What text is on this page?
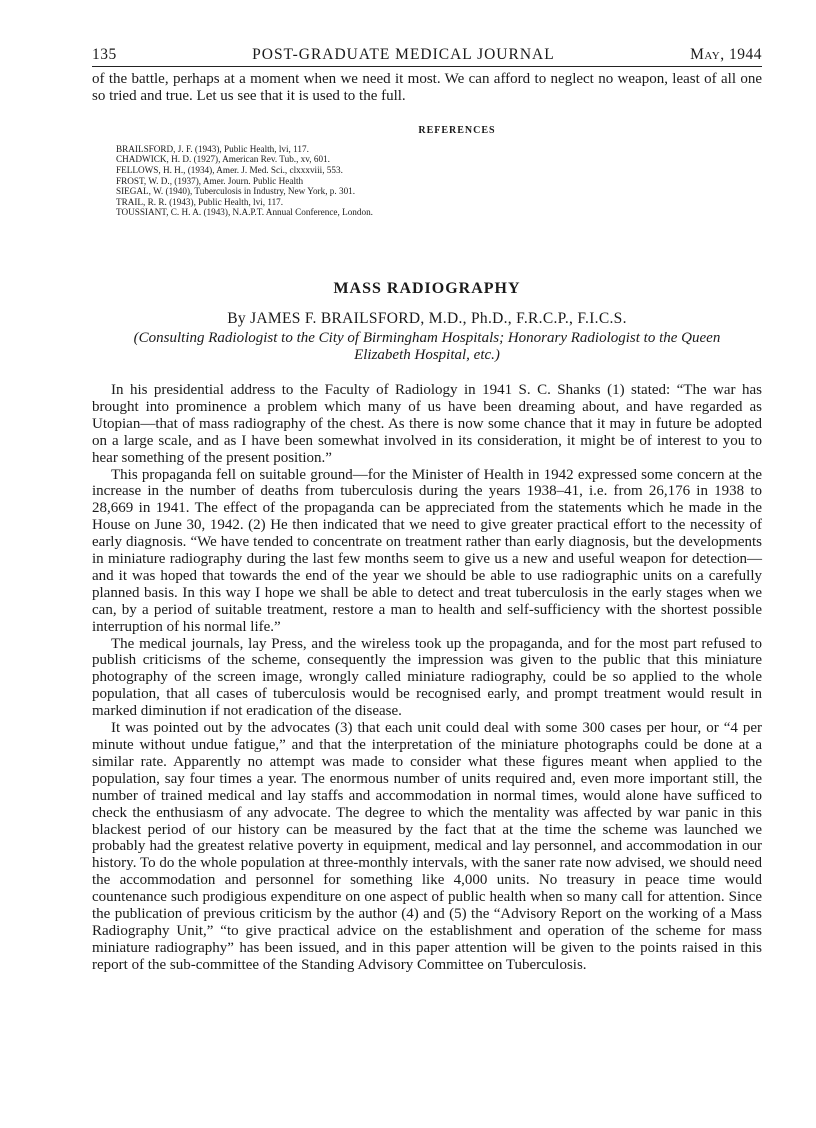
135	POST-GRADUATE MEDICAL JOURNAL	May, 1944

of the battle, perhaps at a moment when we need it most. We can afford to neglect no weapon, least of all one so tried and true. Let us see that it is used to the full.

REFERENCES
BRAILSFORD, J. F. (1943), Public Health, lvi, 117.
CHADWICK, H. D. (1927), American Rev. Tub., xv, 601.
FELLOWS, H. H., (1934), Amer. J. Med. Sci., clxxxviii, 553.
FROST, W. D., (1937), Amer. Journ. Public Health
SIEGAL, W. (1940), Tuberculosis in Industry, New York, p. 301.
TRAIL, R. R. (1943), Public Health, lvi, 117.
TOUSSIANT, C. H. A. (1943), N.A.P.T. Annual Conference, London.
MASS RADIOGRAPHY
By JAMES F. BRAILSFORD, M.D., Ph.D., F.R.C.P., F.I.C.S.
(Consulting Radiologist to the City of Birmingham Hospitals; Honorary Radiologist to the Queen Elizabeth Hospital, etc.)

In his presidential address to the Faculty of Radiology in 1941 S. C. Shanks (1) stated: “The war has brought into prominence a problem which many of us have been dreaming about, and have regarded as Utopian—that of mass radiography of the chest. As there is now some chance that it may in future be adopted on a large scale, and as I have been somewhat involved in its consideration, it might be of interest to you to hear something of the present position.”

This propaganda fell on suitable ground—for the Minister of Health in 1942 expressed some concern at the increase in the number of deaths from tuberculosis during the years 1938–41, i.e. from 26,176 in 1938 to 28,669 in 1941. The effect of the propaganda can be appreciated from the statements which he made in the House on June 30, 1942. (2) He then indicated that we need to give greater practical effort to the necessity of early diagnosis. “We have tended to concentrate on treatment rather than early diagnosis, but the developments in miniature radiography during the last few months seem to give us a new and useful weapon for detection—and it was hoped that towards the end of the year we should be able to use radiographic units on a carefully planned basis. In this way I hope we shall be able to detect and treat tuberculosis in the early stages when we can, by a period of suitable treatment, restore a man to health and self-sufficiency with the shortest possible interruption of his normal life.”

The medical journals, lay Press, and the wireless took up the propaganda, and for the most part refused to publish criticisms of the scheme, consequently the impression was given to the public that this miniature photography of the screen image, wrongly called miniature radiography, could be so applied to the whole population, that all cases of tuberculosis would be recognised early, and prompt treatment would result in marked diminution if not eradication of the disease.

It was pointed out by the advocates (3) that each unit could deal with some 300 cases per hour, or “4 per minute without undue fatigue,” and that the interpretation of the miniature photographs could be done at a similar rate. Apparently no attempt was made to consider what these figures meant when applied to the population, say four times a year. The enormous number of units required and, even more important still, the number of trained medical and lay staffs and accommodation in normal times, would alone have sufficed to check the enthusiasm of any advocate. The degree to which the mentality was affected by war panic in this blackest period of our history can be measured by the fact that at the time the scheme was launched we probably had the greatest relative poverty in equipment, medical and lay personnel, and accommodation in our history. To do the whole population at three-monthly intervals, with the saner rate now advised, we should need the accommodation and personnel for something like 4,000 units. No treasury in peace time would countenance such prodigious expenditure on one aspect of public health when so many call for attention. Since the publication of previous criticism by the author (4) and (5) the “Advisory Report on the working of a Mass Radiography Unit,” “to give practical advice on the establishment and operation of the scheme for mass miniature radiography” has been issued, and in this paper attention will be given to the points raised in this report of the sub-committee of the Standing Advisory Committee on Tuberculosis.
